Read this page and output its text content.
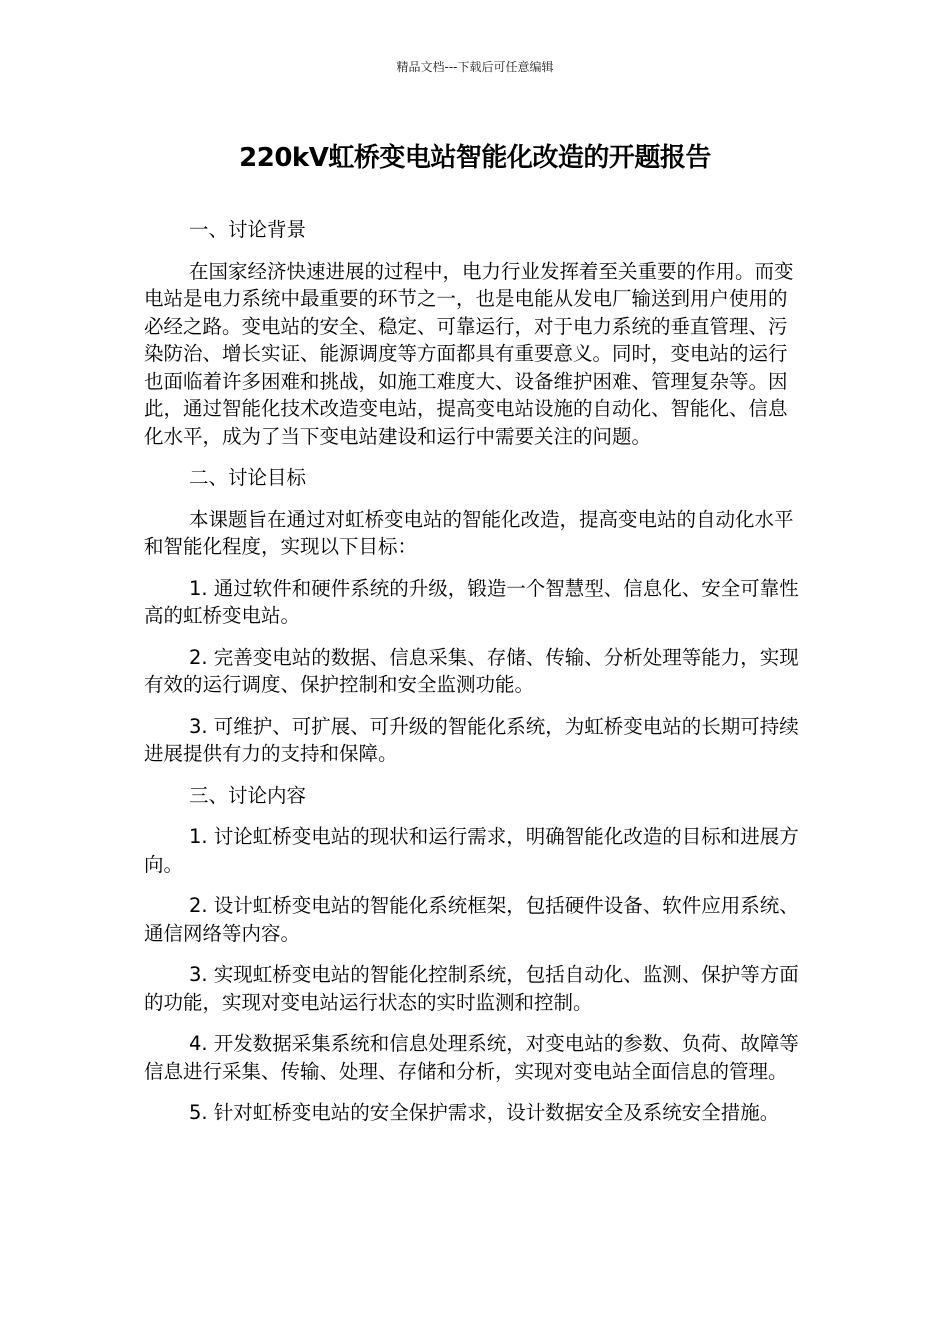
精品文档---下载后可任意编辑
220kV虹桥变电站智能化改造的开题报告

一、讨论背景

在国家经济快速进展的过程中，电力行业发挥着至关重要的作用。而变电站是电力系统中最重要的环节之一，也是电能从发电厂输送到用户使用的必经之路。变电站的安全、稳定、可靠运行，对于电力系统的垂直管理、污染防治、增长实证、能源调度等方面都具有重要意义。同时，变电站的运行也面临着许多困难和挑战，如施工难度大、设备维护困难、管理复杂等。因此，通过智能化技术改造变电站，提高变电站设施的自动化、智能化、信息化水平，成为了当下变电站建设和运行中需要关注的问题。

二、讨论目标

本课题旨在通过对虹桥变电站的智能化改造，提高变电站的自动化水平和智能化程度，实现以下目标：

1. 通过软件和硬件系统的升级，锻造一个智慧型、信息化、安全可靠性高的虹桥变电站。

2. 完善变电站的数据、信息采集、存储、传输、分析处理等能力，实现有效的运行调度、保护控制和安全监测功能。

3. 可维护、可扩展、可升级的智能化系统，为虹桥变电站的长期可持续进展提供有力的支持和保障。

三、讨论内容

1. 讨论虹桥变电站的现状和运行需求，明确智能化改造的目标和进展方向。

2. 设计虹桥变电站的智能化系统框架，包括硬件设备、软件应用系统、通信网络等内容。

3. 实现虹桥变电站的智能化控制系统，包括自动化、监测、保护等方面的功能，实现对变电站运行状态的实时监测和控制。

4. 开发数据采集系统和信息处理系统，对变电站的参数、负荷、故障等信息进行采集、传输、处理、存储和分析，实现对变电站全面信息的管理。

5. 针对虹桥变电站的安全保护需求，设计数据安全及系统安全措施。
